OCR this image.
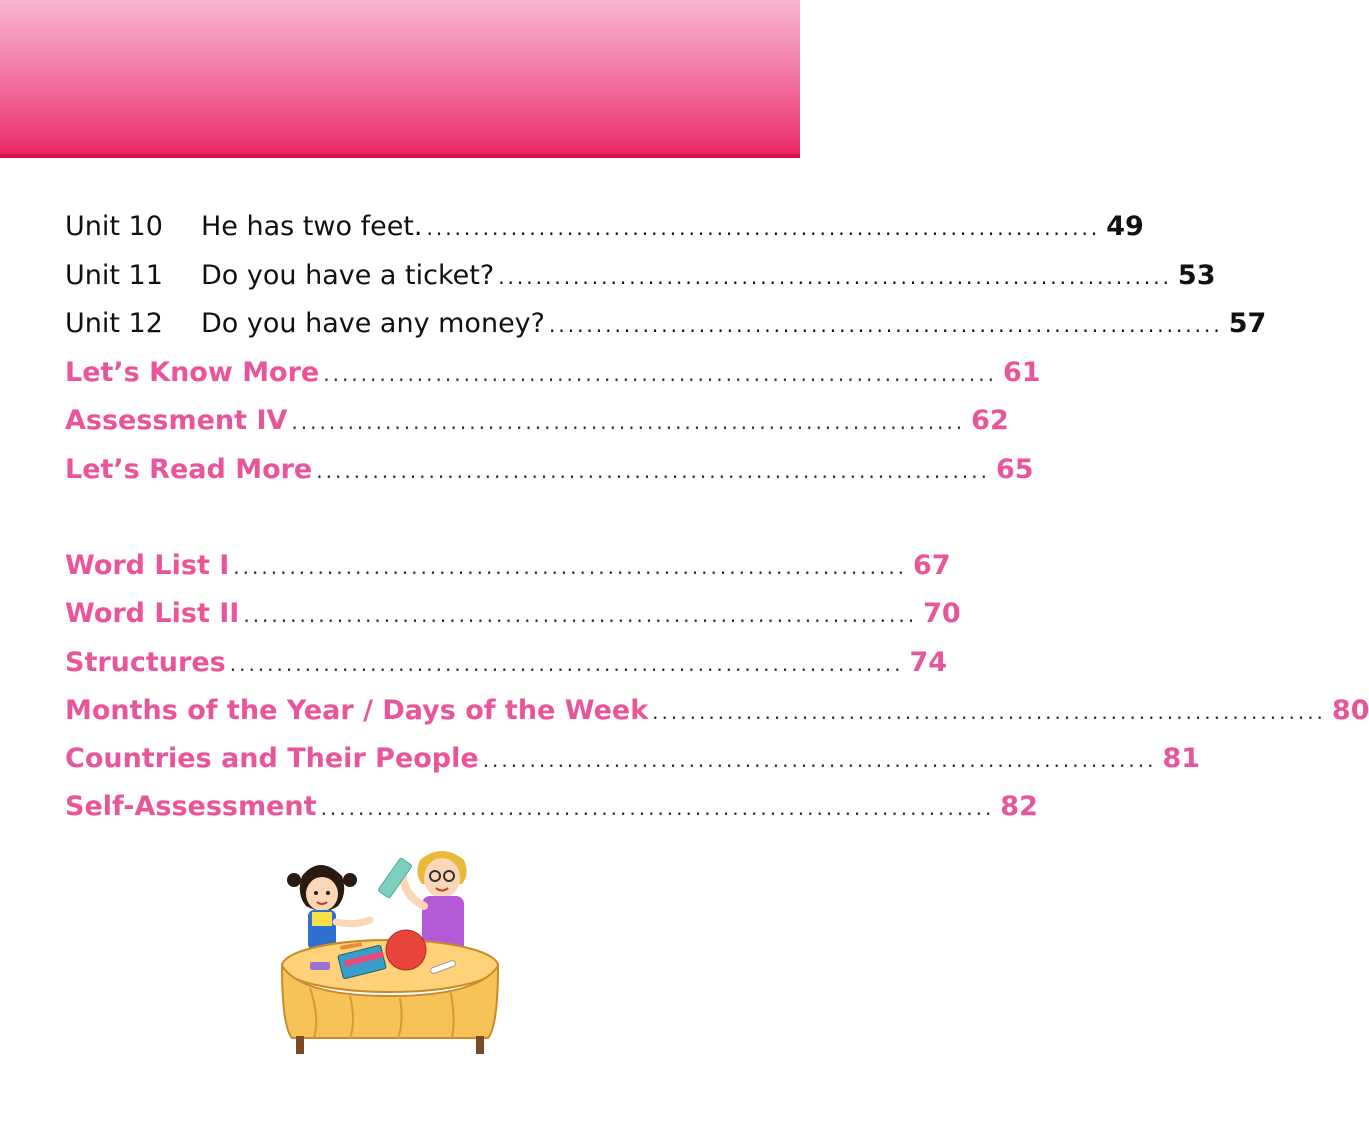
Unit 10	He has two feet. ........................................................................ 49
Unit 11	Do you have a ticket? ........................................................................ 53
Unit 12	Do you have any money? ........................................................................ 57
Let’s Know More ........................................................................ 61
Assessment IV ........................................................................ 62
Let’s Read More ........................................................................ 65
Word List I ........................................................................ 67
Word List II ........................................................................ 70
Structures ........................................................................ 74
Months of the Year / Days of the Week ........................................................................ 80
Countries and Their People ........................................................................ 81
Self-Assessment ........................................................................ 82
